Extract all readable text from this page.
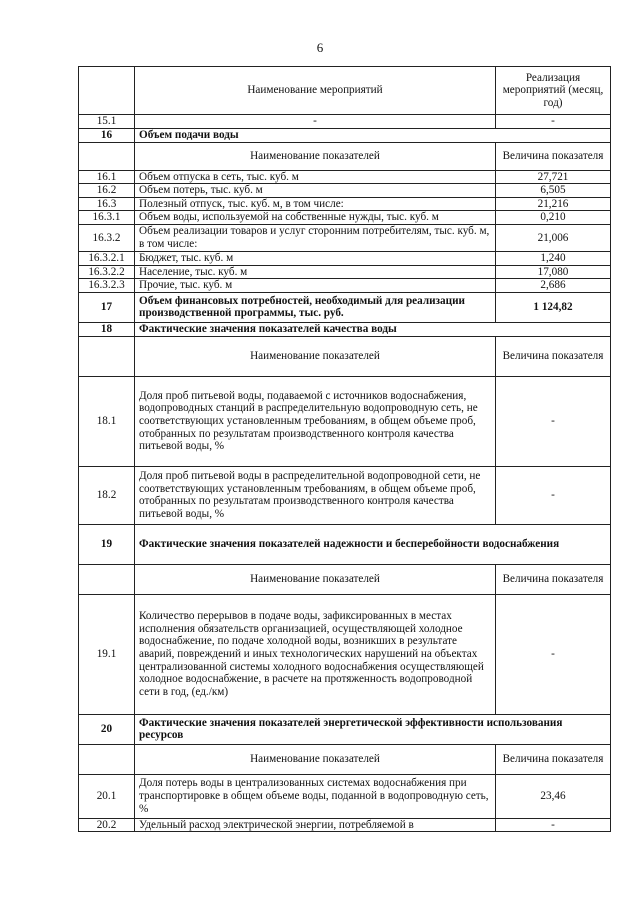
6
	Наименование мероприятий	Реализация мероприятий (месяц, год)
15.1	-	-
16	Объем подачи воды	
	Наименование показателей	Величина показателя
16.1	Объем отпуска в сеть, тыс. куб. м	27,721
16.2	Объем потерь, тыс. куб. м	6,505
16.3	Полезный отпуск, тыс. куб. м, в том числе:	21,216
16.3.1	Объем воды, используемой на собственные нужды, тыс. куб. м	0,210
16.3.2	Объем реализации товаров и услуг сторонним потребителям, тыс. куб. м, в том числе:	21,006
16.3.2.1	Бюджет, тыс. куб. м	1,240
16.3.2.2	Население, тыс. куб. м	17,080
16.3.2.3	Прочие, тыс. куб. м	2,686
17	Объем финансовых потребностей, необходимый для реализации производственной программы, тыс. руб.	1 124,82
18	Фактические значения показателей качества воды	
	Наименование показателей	Величина показателя
18.1	Доля проб питьевой воды, подаваемой с источников водоснабжения, водопроводных станций в распределительную водопроводную сеть, не соответствующих установленным требованиям, в общем объеме проб, отобранных по результатам производственного контроля качества питьевой воды, %	-
18.2	Доля проб питьевой воды в распределительной водопроводной сети, не соответствующих установленным требованиям, в общем объеме проб, отобранных по результатам производственного контроля качества питьевой воды, %	-
19	Фактические значения показателей надежности и бесперебойности водоснабжения	
	Наименование показателей	Величина показателя
19.1	Количество перерывов в подаче воды, зафиксированных в местах исполнения обязательств организацией, осуществляющей холодное водоснабжение, по подаче холодной воды, возникших в результате аварий, повреждений и иных технологических нарушений на объектах централизованной системы холодного водоснабжения осуществляющей холодное водоснабжение, в расчете на протяженность водопроводной сети в год, (ед./км)	-
20	Фактические значения показателей энергетической эффективности использования ресурсов	
	Наименование показателей	Величина показателя
20.1	Доля потерь воды в централизованных системах водоснабжения при транспортировке в общем объеме воды, поданной в водопроводную сеть, %	23,46
20.2	Удельный расход электрической энергии, потребляемой в	-
